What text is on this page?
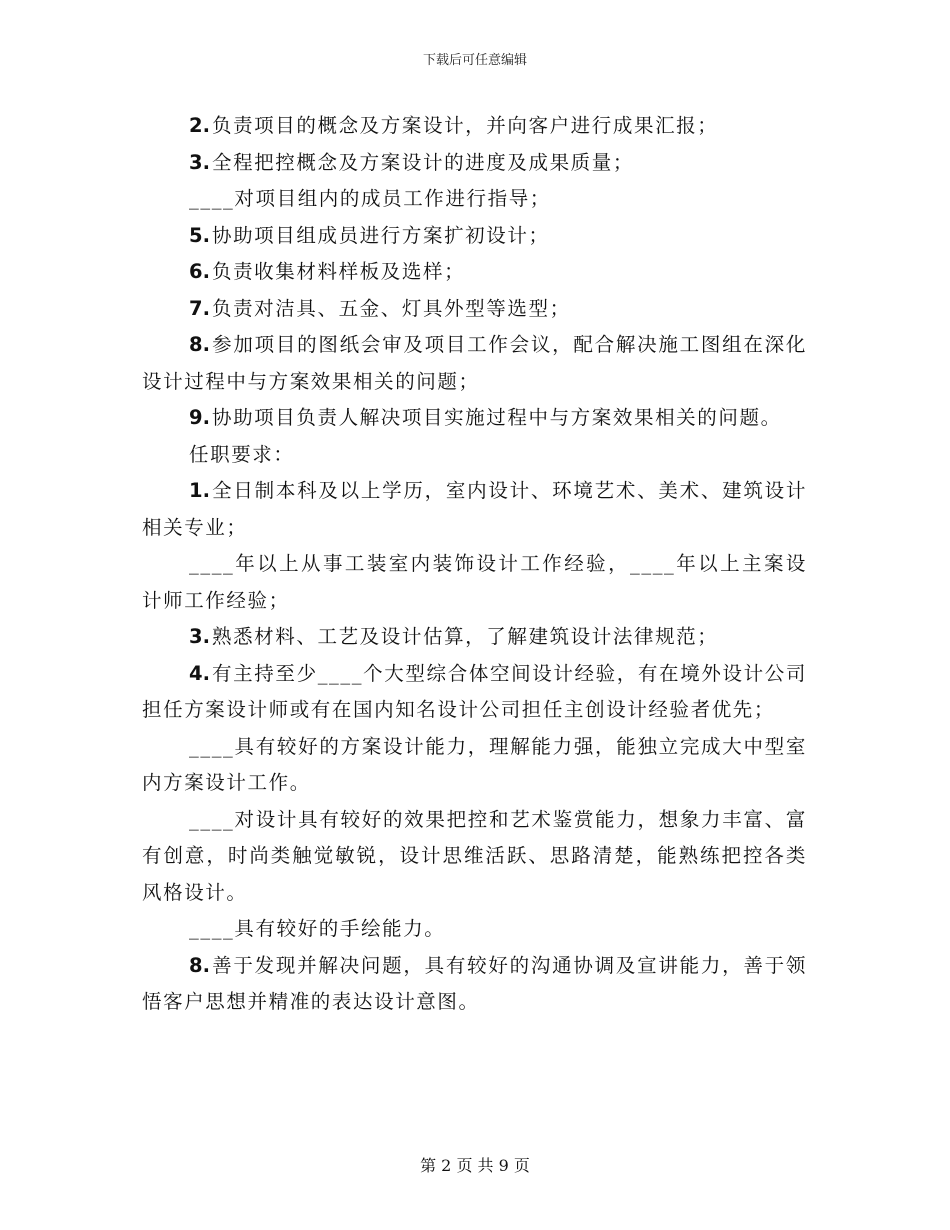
下载后可任意编辑

2. 负责项目的概念及方案设计，并向客户进行成果汇报；

3. 全程把控概念及方案设计的进度及成果质量；

____对项目组内的成员工作进行指导；

5. 协助项目组成员进行方案扩初设计；

6. 负责收集材料样板及选样；

7. 负责对洁具、五金、灯具外型等选型；

8. 参加项目的图纸会审及项目工作会议，配合解决施工图组在深化设计过程中与方案效果相关的问题；

9. 协助项目负责人解决项目实施过程中与方案效果相关的问题。

任职要求：

1. 全日制本科及以上学历，室内设计、环境艺术、美术、建筑设计相关专业；

____年以上从事工装室内装饰设计工作经验，____年以上主案设计师工作经验；

3. 熟悉材料、工艺及设计估算，了解建筑设计法律规范；

4. 有主持至少____个大型综合体空间设计经验，有在境外设计公司担任方案设计师或有在国内知名设计公司担任主创设计经验者优先；

____具有较好的方案设计能力，理解能力强，能独立完成大中型室内方案设计工作。

____对设计具有较好的效果把控和艺术鉴赏能力，想象力丰富、富有创意，时尚类触觉敏锐，设计思维活跃、思路清楚，能熟练把控各类风格设计。

____具有较好的手绘能力。

8. 善于发现并解决问题，具有较好的沟通协调及宣讲能力，善于领悟客户思想并精准的表达设计意图。

第 2 页 共 9 页
